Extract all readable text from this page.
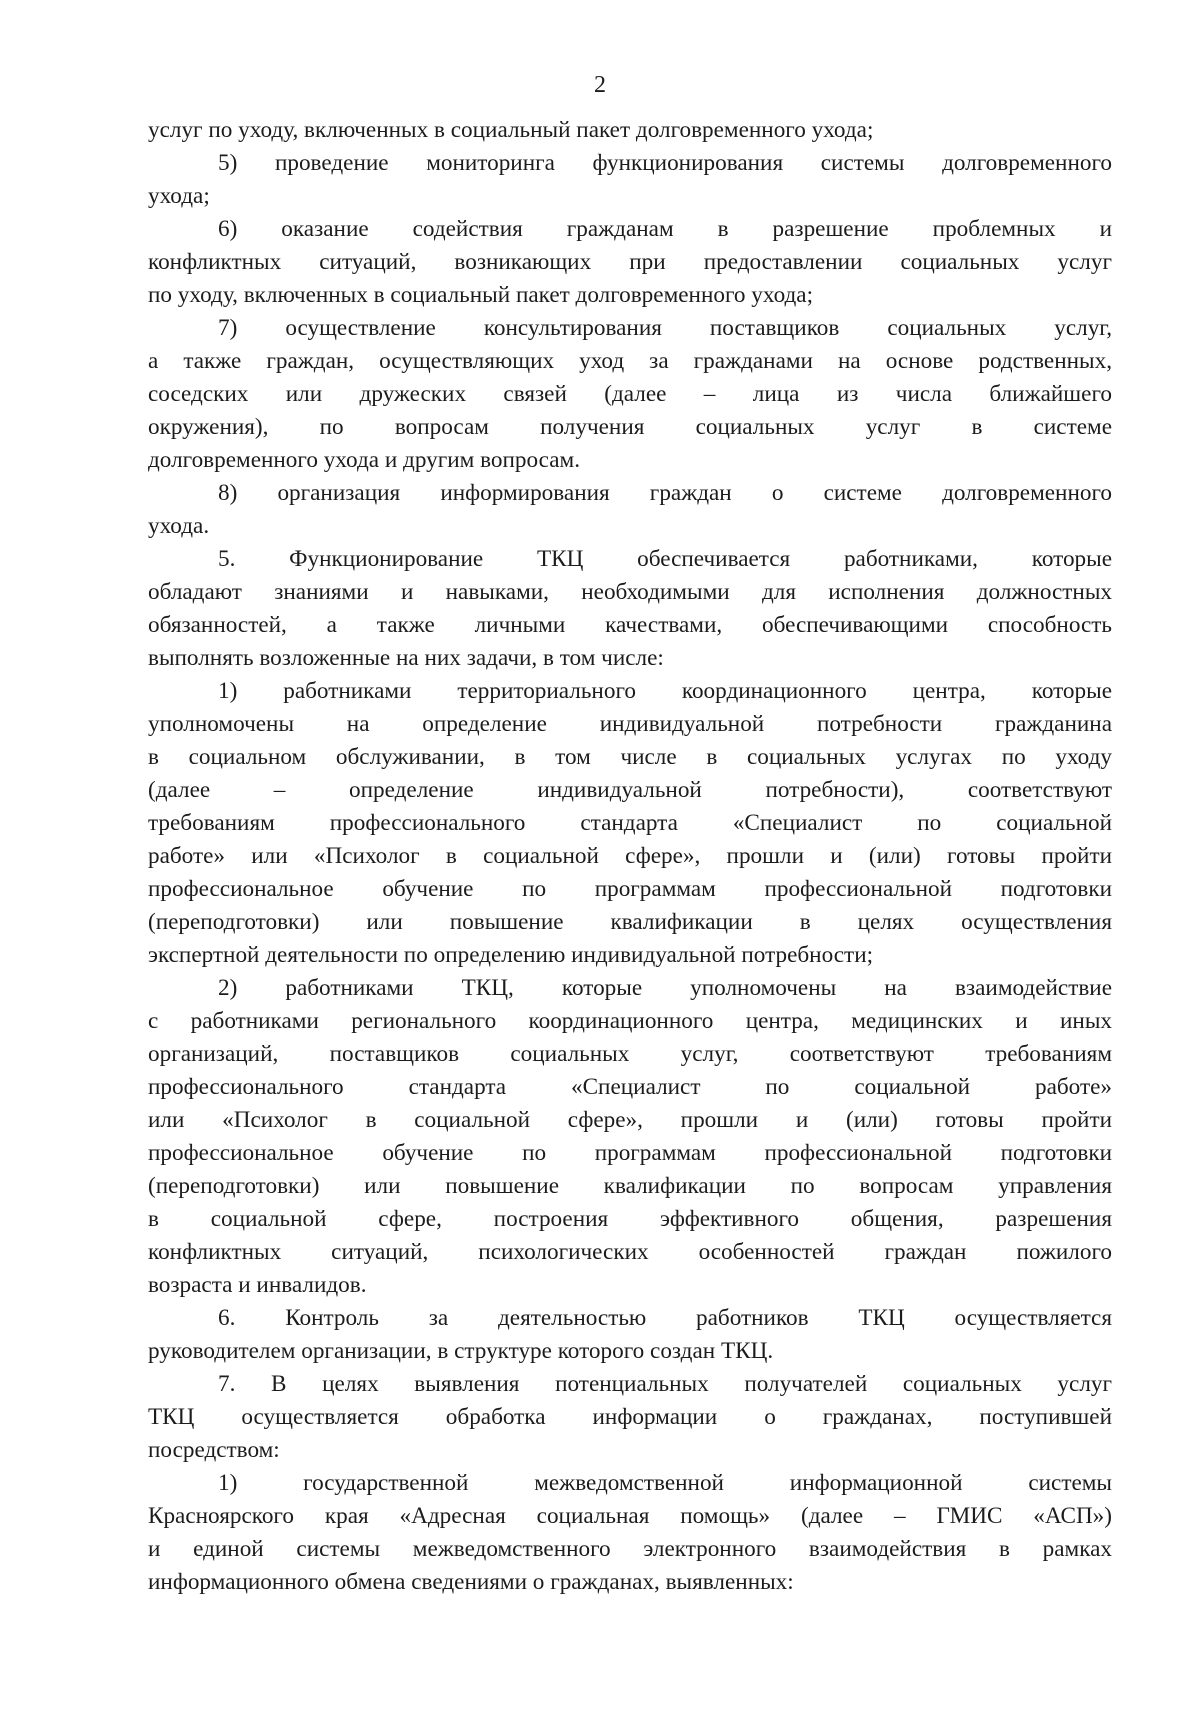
2
услуг по уходу, включенных в социальный пакет долговременного ухода;
5) проведение мониторинга функционирования системы долговременного
ухода;
6) оказание содействия гражданам в разрешение проблемных и
конфликтных ситуаций, возникающих при предоставлении социальных услуг
по уходу, включенных в социальный пакет долговременного ухода;
7) осуществление консультирования поставщиков социальных услуг,
а также граждан, осуществляющих уход за гражданами на основе родственных,
соседских или дружеских связей (далее – лица из числа ближайшего
окружения), по вопросам получения социальных услуг в системе
долговременного ухода и другим вопросам.
8) организация информирования граждан о системе долговременного
ухода.
5. Функционирование ТКЦ обеспечивается работниками, которые
обладают знаниями и навыками, необходимыми для исполнения должностных
обязанностей, а также личными качествами, обеспечивающими способность
выполнять возложенные на них задачи, в том числе:
1) работниками территориального координационного центра, которые
уполномочены на определение индивидуальной потребности гражданина
в социальном обслуживании, в том числе в социальных услугах по уходу
(далее – определение индивидуальной потребности), соответствуют
требованиям профессионального стандарта «Специалист по социальной
работе» или «Психолог в социальной сфере», прошли и (или) готовы пройти
профессиональное обучение по программам профессиональной подготовки
(переподготовки) или повышение квалификации в целях осуществления
экспертной деятельности по определению индивидуальной потребности;
2) работниками ТКЦ, которые уполномочены на взаимодействие
с работниками регионального координационного центра, медицинских и иных
организаций, поставщиков социальных услуг, соответствуют требованиям
профессионального стандарта «Специалист по социальной работе»
или «Психолог в социальной сфере», прошли и (или) готовы пройти
профессиональное обучение по программам профессиональной подготовки
(переподготовки) или повышение квалификации по вопросам управления
в социальной сфере, построения эффективного общения, разрешения
конфликтных ситуаций, психологических особенностей граждан пожилого
возраста и инвалидов.
6. Контроль за деятельностью работников ТКЦ осуществляется
руководителем организации, в структуре которого создан ТКЦ.
7. В целях выявления потенциальных получателей социальных услуг
ТКЦ осуществляется обработка информации о гражданах, поступившей
посредством:
1) государственной межведомственной информационной системы
Красноярского края «Адресная социальная помощь» (далее – ГМИС «АСП»)
и единой системы межведомственного электронного взаимодействия в рамках
информационного обмена сведениями о гражданах, выявленных:
